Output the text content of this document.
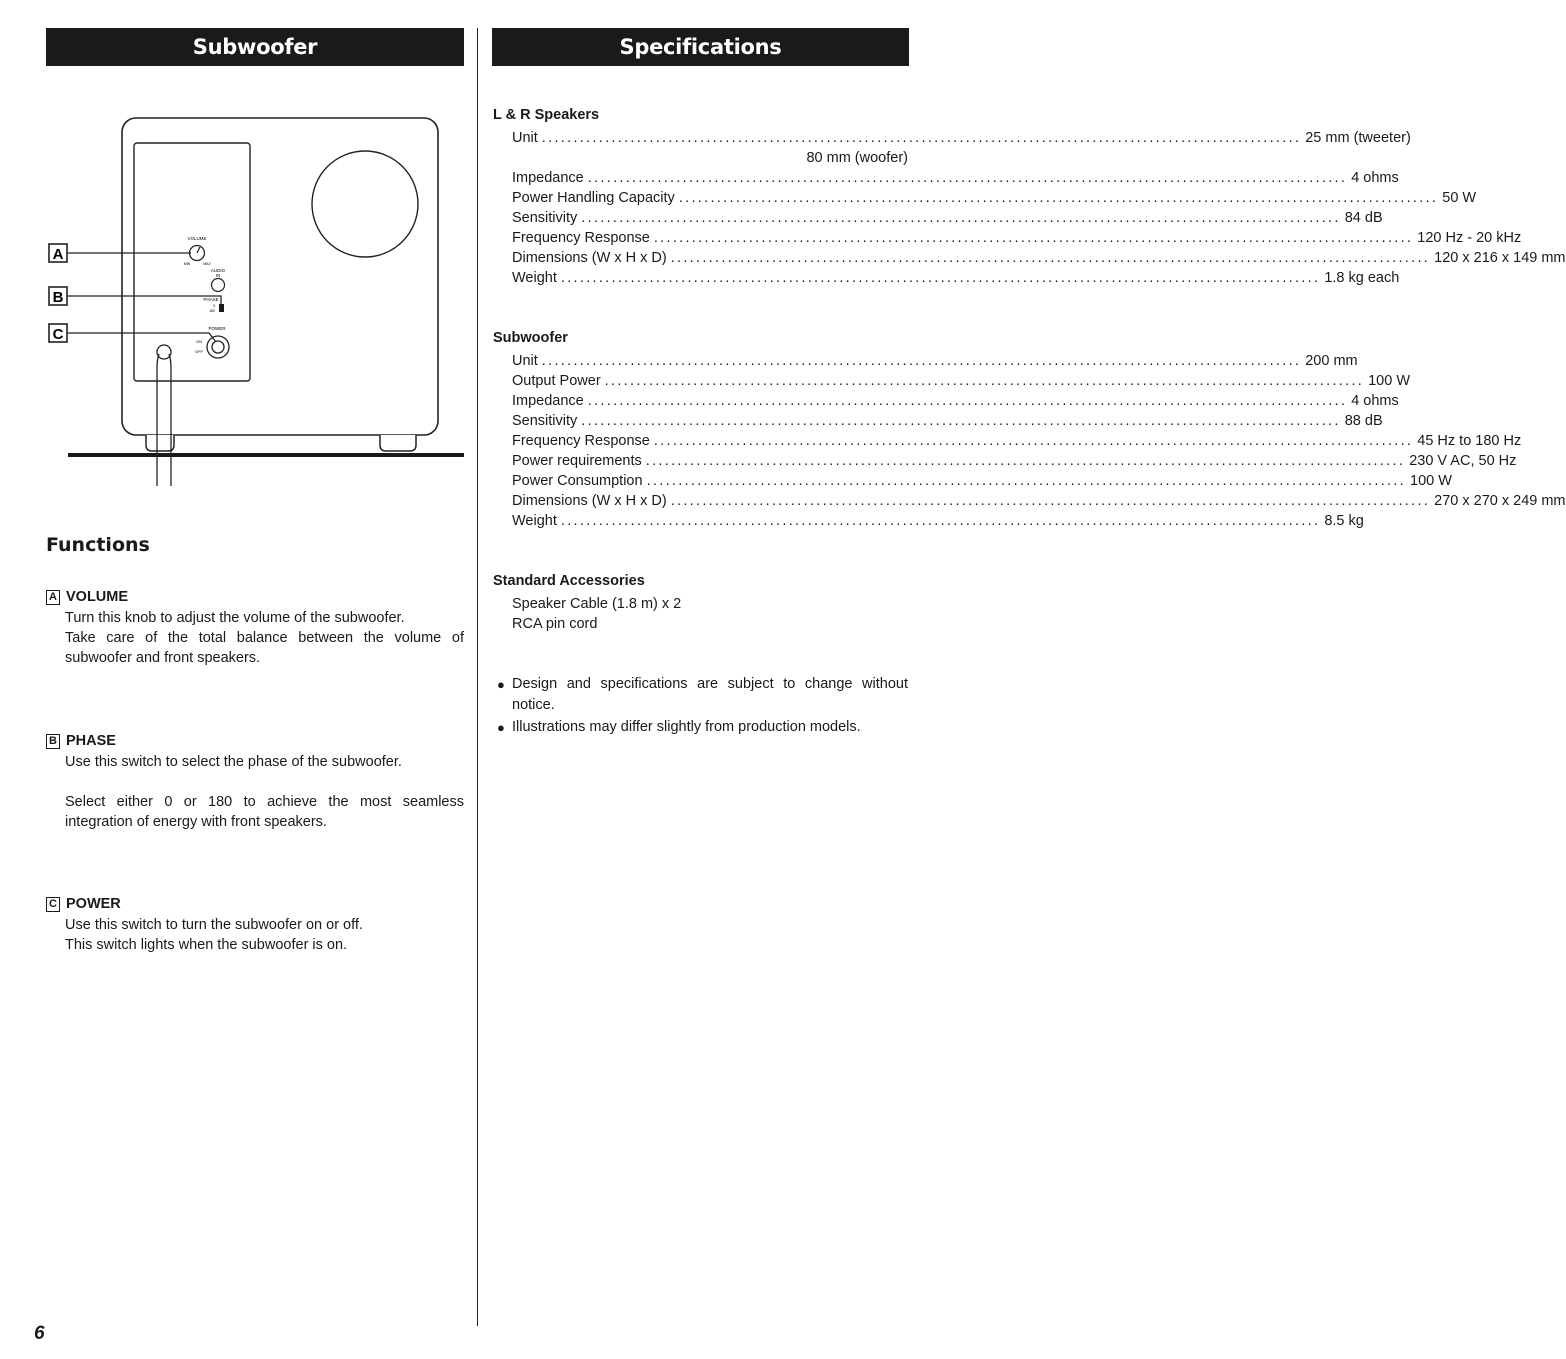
Subwoofer	Specifications
VOLUME
MIN	MAX
AUDIO
IN
PHASE
0
180
POWER
ON
OFF
A
B
C
Functions
A VOLUME

Turn this knob to adjust the volume of the subwoofer.

Take care of the total balance between the volume of subwoofer and front speakers.

B PHASE

Use this switch to select the phase of the subwoofer.

Select either 0 or 180 to achieve the most seamless integration of energy with front speakers.

C POWER

Use this switch to turn the subwoofer on or off.

This switch lights when the subwoofer is on.

L & R Speakers
Unit ........................................................................................................................ 25 mm (tweeter)
80 mm (woofer)
Impedance ........................................................................................................................ 4 ohms
Power Handling Capacity ........................................................................................................................ 50 W
Sensitivity ........................................................................................................................ 84 dB
Frequency Response ........................................................................................................................ 120 Hz - 20 kHz
Dimensions (W x H x D) ........................................................................................................................ 120 x 216 x 149 mm
Weight ........................................................................................................................ 1.8 kg each
Subwoofer
Unit ........................................................................................................................ 200 mm
Output Power ........................................................................................................................ 100 W
Impedance ........................................................................................................................ 4 ohms
Sensitivity ........................................................................................................................ 88 dB
Frequency Response ........................................................................................................................ 45 Hz to 180 Hz
Power requirements ........................................................................................................................ 230 V AC, 50 Hz
Power Consumption ........................................................................................................................ 100 W
Dimensions (W x H x D) ........................................................................................................................ 270 x 270 x 249 mm
Weight ........................................................................................................................ 8.5 kg
Standard Accessories
Speaker Cable (1.8 m) x 2
RCA pin cord
● Design and specifications are subject to change without notice.
● Illustrations may differ slightly from production models.
6
